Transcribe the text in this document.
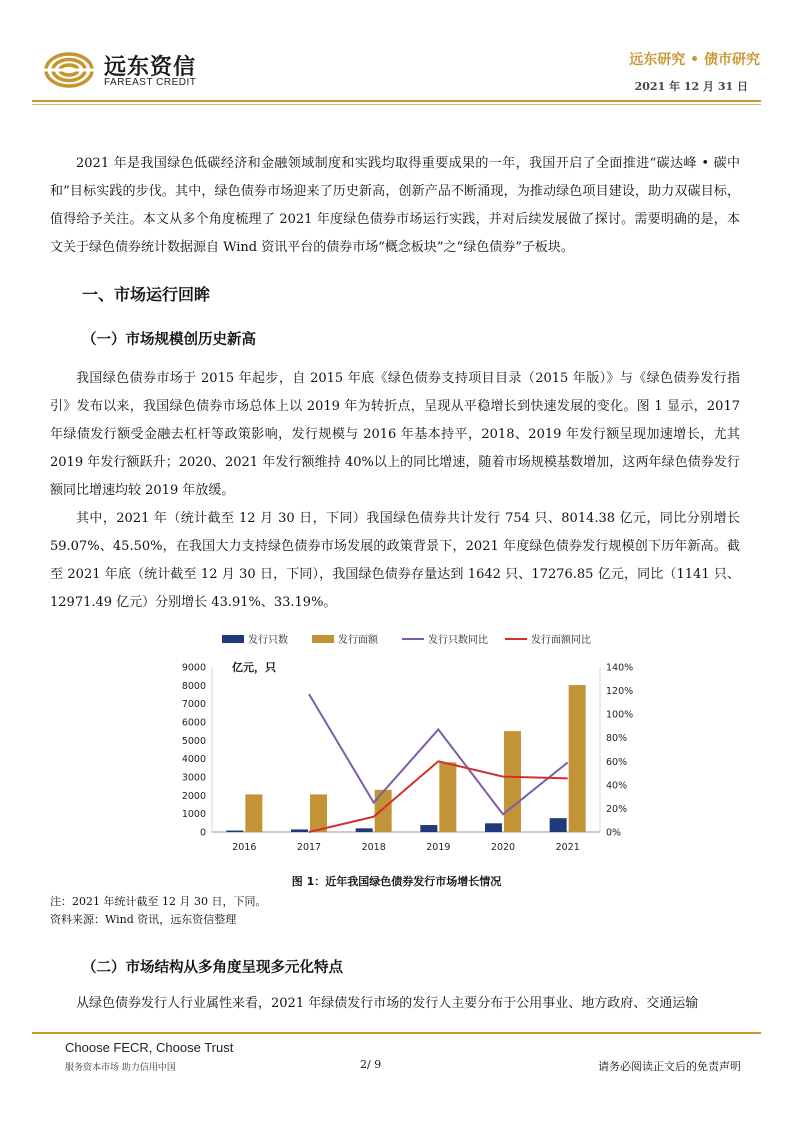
远东资信
FAREAST CREDIT
远东研究 • 债市研究
2021 年 12 月 31 日

2021 年是我国绿色低碳经济和金融领域制度和实践均取得重要成果的一年，我国开启了全面推进“碳达峰 • 碳中和”目标实践的步伐。其中，绿色债券市场迎来了历史新高，创新产品不断涌现，为推动绿色项目建设，助力双碳目标，值得给予关注。本文从多个角度梳理了 2021 年度绿色债券市场运行实践，并对后续发展做了探讨。需要明确的是，本文关于绿色债券统计数据源自 Wind 资讯平台的债券市场“概念板块”之“绿色债券”子板块。

一、市场运行回眸
（一）市场规模创历史新高

我国绿色债券市场于 2015 年起步，自 2015 年底《绿色债券支持项目目录（2015 年版）》与《绿色债券发行指引》发布以来，我国绿色债券市场总体上以 2019 年为转折点，呈现从平稳增长到快速发展的变化。图 1 显示，2017 年绿债发行额受金融去杠杆等政策影响，发行规模与 2016 年基本持平，2018、2019 年发行额呈现加速增长，尤其 2019 年发行额跃升；2020、2021 年发行额维持 40%以上的同比增速，随着市场规模基数增加，这两年绿色债券发行额同比增速均较 2019 年放缓。

其中，2021 年（统计截至 12 月 30 日，下同）我国绿色债券共计发行 754 只、8014.38 亿元，同比分别增长 59.07%、45.50%，在我国大力支持绿色债券市场发展的政策背景下，2021 年度绿色债券发行规模创下历年新高。截至 2021 年底（统计截至 12 月 30 日，下同），我国绿色债券存量达到 1642 只、17276.85 亿元，同比（1141 只、12971.49 亿元）分别增长 43.91%、33.19%。

发行只数	发行面额	发行只数同比	发行面额同比
亿元，只
0
1000
2000
3000
4000
5000
6000
7000
8000
9000
0%
20%
40%
60%
80%
100%
120%
140%
2016	2017	2018	2019	2020	2021
图 1：近年我国绿色债券发行市场增长情况
注：2021 年统计截至 12 月 30 日，下同。
资料来源：Wind 资讯，远东资信整理
（二）市场结构从多角度呈现多元化特点

从绿色债券发行人行业属性来看，2021 年绿债发行市场的发行人主要分布于公用事业、地方政府、交通运输

Choose FECR, Choose Trust
服务资本市场 助力信用中国	2/ 9	请务必阅读正文后的免责声明
